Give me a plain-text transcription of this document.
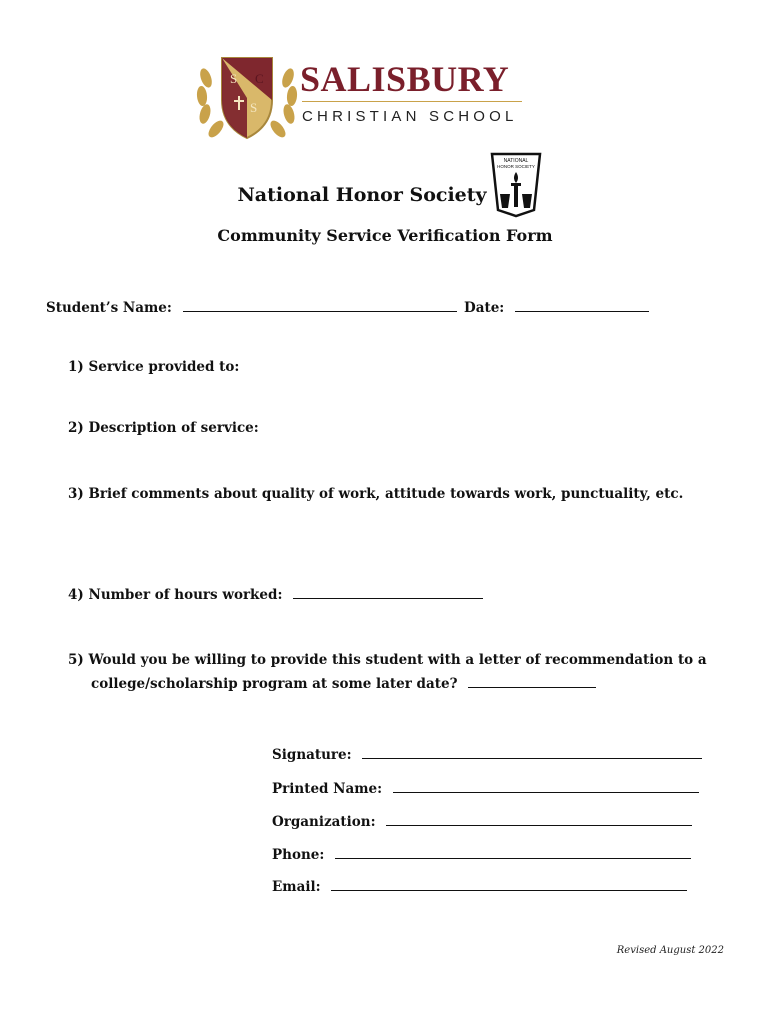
S C
S
SALISBURY
CHRISTIAN SCHOOL
National Honor Society
NATIONAL
HONOR SOCIETY
Community Service Verification Form
Student’s Name:	Date:
1) Service provided to:
2) Description of service:
3) Brief comments about quality of work, attitude towards work, punctuality, etc.
4) Number of hours worked:
5) Would you be willing to provide this student with a letter of recommendation to a
college/scholarship program at some later date?
Signature:
Printed Name:
Organization:
Phone:
Email:
Revised August 2022
